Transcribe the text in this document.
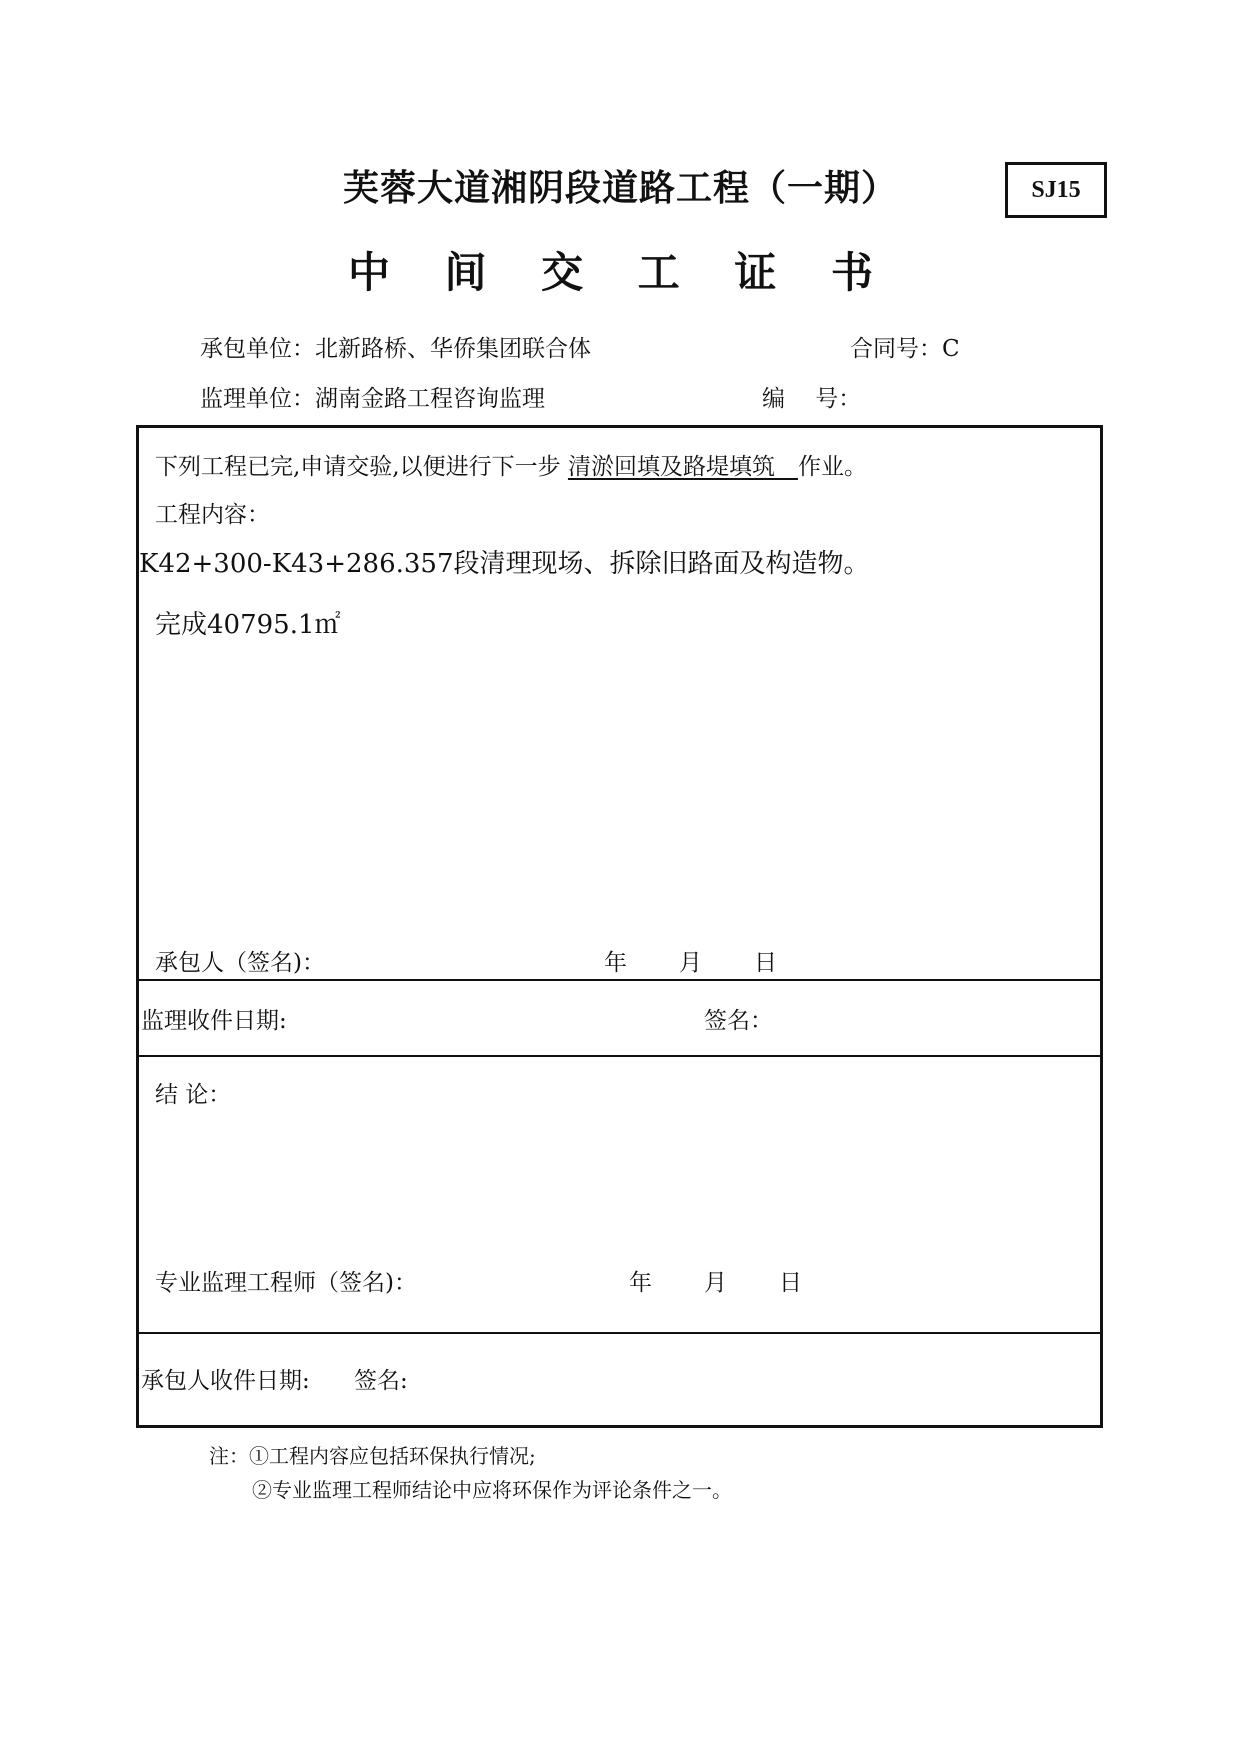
芙蓉大道湘阴段道路工程（一期）	SJ15
中 间 交 工 证 书
承包单位：北新路桥、华侨集团联合体	合同号：C
监理单位：湖南金路工程咨询监理	编　 号：
下列工程已完,申请交验,以便进行下一步 清淤回填及路堤填筑　作业。
工程内容：
K42+300-K43+286.357段清理现场、拆除旧路面及构造物。
完成40795.1㎡
承包人（签名)：	年 月 日
监理收件日期:	签名：
结 论：
专业监理工程师（签名)：	年 月 日
承包人收件日期: 签名:
注：①工程内容应包括环保执行情况;
②专业监理工程师结论中应将环保作为评论条件之一。
